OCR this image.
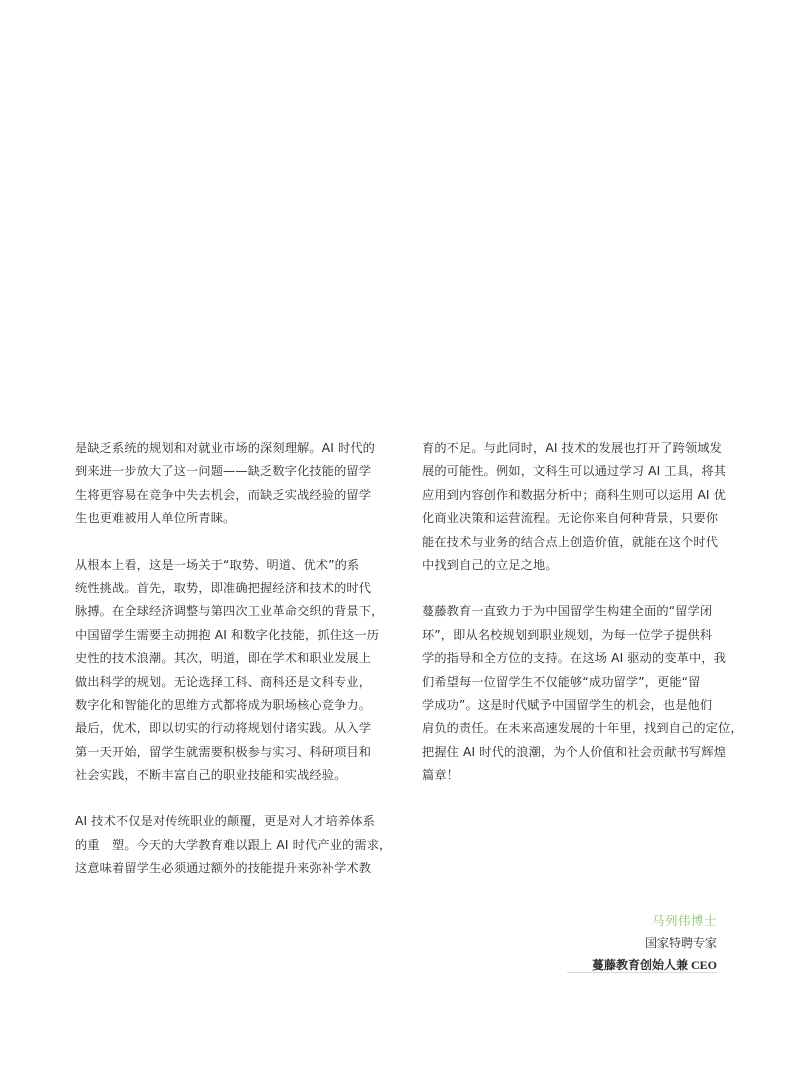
是缺乏系统的规划和对就业市场的深刻理解。AI 时代的
到来进一步放大了这一问题——缺乏数字化技能的留学
生将更容易在竞争中失去机会，而缺乏实战经验的留学
生也更难被用人单位所青睐。

从根本上看，这是一场关于“取势、明道、优术”的系
统性挑战。首先，取势，即准确把握经济和技术的时代
脉搏。在全球经济调整与第四次工业革命交织的背景下，
中国留学生需要主动拥抱 AI 和数字化技能，抓住这一历
史性的技术浪潮。其次，明道，即在学术和职业发展上
做出科学的规划。无论选择工科、商科还是文科专业，
数字化和智能化的思维方式都将成为职场核心竞争力。
最后，优术，即以切实的行动将规划付诸实践。从入学
第一天开始，留学生就需要积极参与实习、科研项目和
社会实践，不断丰富自己的职业技能和实战经验。

AI 技术不仅是对传统职业的颠覆，更是对人才培养体系
的重　塑。今天的大学教育难以跟上 AI 时代产业的需求，
这意味着留学生必须通过额外的技能提升来弥补学术教

育的不足。与此同时，AI 技术的发展也打开了跨领域发
展的可能性。例如，文科生可以通过学习 AI 工具，将其
应用到内容创作和数据分析中；商科生则可以运用 AI 优
化商业决策和运营流程。无论你来自何种背景，只要你
能在技术与业务的结合点上创造价值，就能在这个时代
中找到自己的立足之地。

蔓藤教育一直致力于为中国留学生构建全面的“留学闭
环”，即从名校规划到职业规划，为每一位学子提供科
学的指导和全方位的支持。在这场 AI 驱动的变革中，我
们希望每一位留学生不仅能够“成功留学”，更能“留
学成功”。这是时代赋予中国留学生的机会，也是他们
肩负的责任。在未来高速发展的十年里，找到自己的定位，
把握住 AI 时代的浪潮，为个人价值和社会贡献书写辉煌
篇章！

马列伟博士
国家特聘专家
蔓藤教育创始人兼 CEO
